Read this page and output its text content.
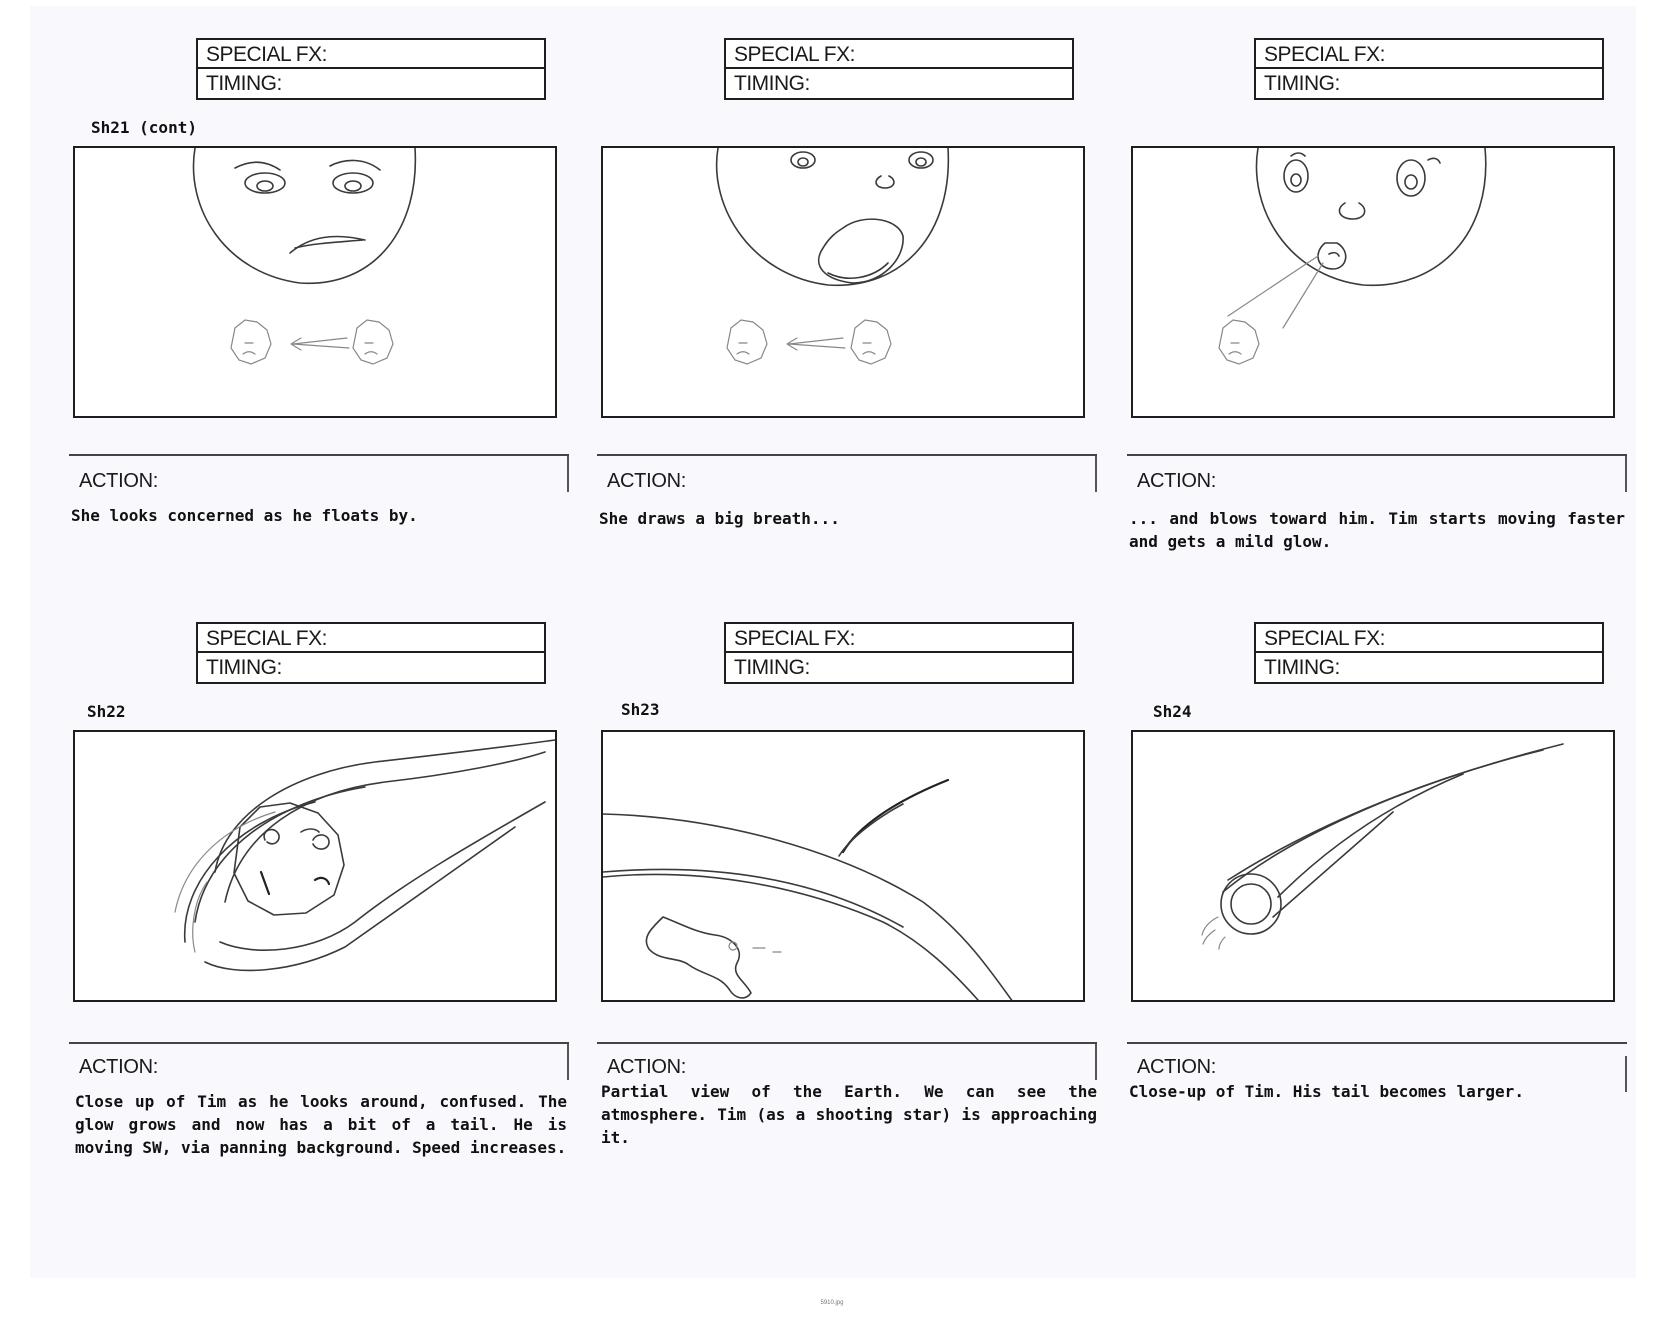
SPECIAL FX:
TIMING:
Sh21 (cont)
ACTION:
She looks concerned as he floats by.
SPECIAL FX:
TIMING:
ACTION:
She draws a big breath...
SPECIAL FX:
TIMING:
ACTION:
... and blows toward him. Tim starts moving faster and gets a mild glow.
SPECIAL FX:
TIMING:
Sh22
ACTION:
Close up of Tim as he looks around, confused. The glow grows and now has a bit of a tail. He is moving SW, via panning background. Speed increases.
SPECIAL FX:
TIMING:
Sh23
ACTION:
Partial view of the Earth. We can see the atmosphere. Tim (as a shooting star) is approaching it.
SPECIAL FX:
TIMING:
Sh24
ACTION:
Close-up of Tim. His tail becomes larger.
5910.jpg
